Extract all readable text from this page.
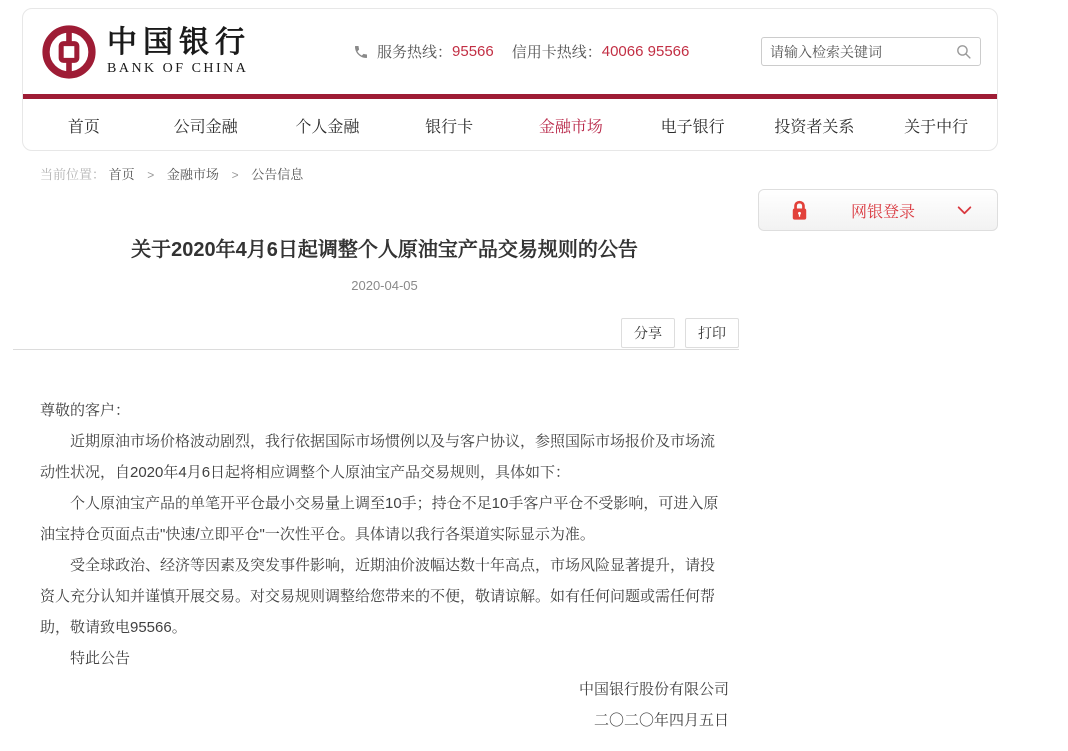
中国银行
BANK OF CHINA
服务热线： 95566 信用卡热线： 40066 95566
请输入检索关键词
首页	公司金融	个人金融	银行卡	金融市场	电子银行	投资者关系	关于中行
当前位置： 首页 > 金融市场 > 公告信息
网银登录
关于2020年4月6日起调整个人原油宝产品交易规则的公告
2020-04-05
分享	打印

尊敬的客户：

近期原油市场价格波动剧烈，我行依据国际市场惯例以及与客户协议，参照国际市场报价及市场流动性状况，自2020年4月6日起将相应调整个人原油宝产品交易规则，具体如下：

个人原油宝产品的单笔开平仓最小交易量上调至10手；持仓不足10手客户平仓不受影响，可进入原油宝持仓页面点击"快速/立即平仓"一次性平仓。具体请以我行各渠道实际显示为准。

受全球政治、经济等因素及突发事件影响，近期油价波幅达数十年高点，市场风险显著提升，请投资人充分认知并谨慎开展交易。对交易规则调整给您带来的不便，敬请谅解。如有任何问题或需任何帮助，敬请致电95566。

特此公告

中国银行股份有限公司

二〇二〇年四月五日
